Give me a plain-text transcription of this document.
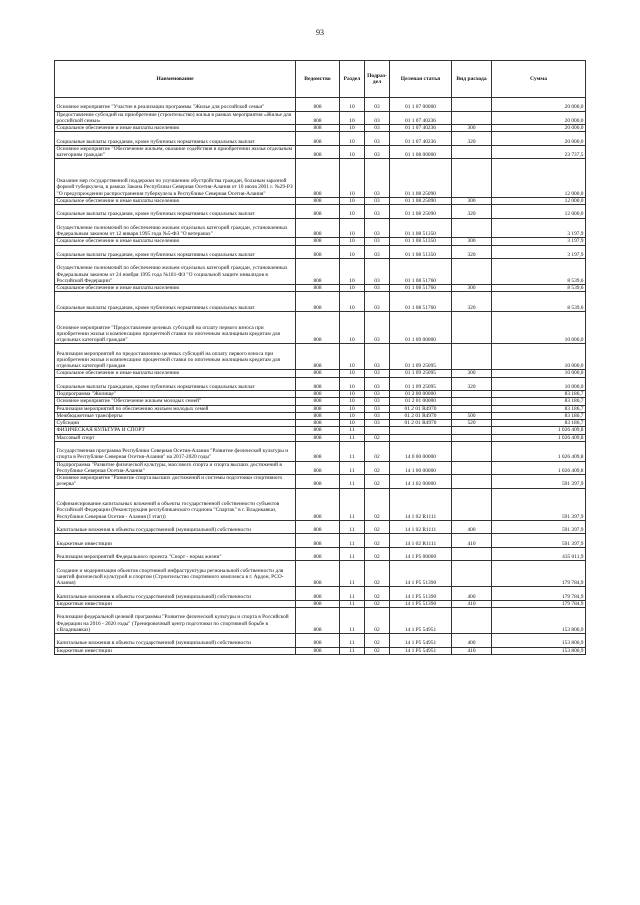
93
Наименование	Ведомство	Раздел	Подраз-дел	Целевая статья	Вид расхода	Сумма
Основное мероприятие "Участие в реализации программы "Жилье для российской семьи"	808	10	03	01 1 07 00000		20 000,0
Предоставление субсидий на приобретение (строительство) жилья в рамках мероприятия «Жилье для российской семьи»	808	10	03	01 1 07 40236		20 000,0
Социальное обеспечение и иные выплаты населению	808	10	03	01 1 07 40236	300	20 000,0
Социальные выплаты гражданам, кроме публичных нормативных социальных выплат	808	10	03	01 1 07 40236	320	20 000,0
Основное мероприятие "Обеспечение жильем, оказание содействия в приобретении жилья отдельным категориям граждан"	808	10	03	01 1 08 00000		23 737,5
Оказание мер государственной поддержки по улучшению обустройства граждан, больным заразной формой туберкулеза, в рамках Закона Республики Северная Осетия-Алания от 10 июля 2001 г. №29-РЗ "О предупреждении распространения туберкулеза в Республике Северная Осетия-Алания"	808	10	03	01 1 08 25090		12 000,0
Социальное обеспечение и иные выплаты населению	808	10	03	01 1 08 25090	300	12 000,0
Социальные выплаты гражданам, кроме публичных нормативных социальных выплат	808	10	03	01 1 08 25090	320	12 000,0
Осуществление полномочий по обеспечению жильем отдельных категорий граждан, установленных Федеральным законом от 12 января 1995 года №5-ФЗ "О ветеранах"	808	10	03	01 1 08 51350		3 197,9
Социальное обеспечение и иные выплаты населению	808	10	03	01 1 08 51350	300	3 197,9
Социальные выплаты гражданам, кроме публичных нормативных социальных выплат	808	10	03	01 1 08 51350	320	3 197,9
Осуществление полномочий по обеспечению жильем отдельных категорий граждан, установленных Федеральным законом от 24 ноября 1995 года №181-ФЗ "О социальной защите инвалидов в Российской Федерации"	808	10	03	01 1 08 51760		8 539,6
Социальное обеспечение и иные выплаты населению	808	10	03	01 1 08 51760	300	8 539,6
Социальные выплаты гражданам, кроме публичных нормативных социальных выплат	808	10	03	01 1 08 51760	320	8 539,6
Основное мероприятие "Предоставление целевых субсидий на оплату первого взноса при приобретении жилья и компенсацию процентной ставки по ипотечным жилищным кредитам для отдельных категорий граждан"	808	10	03	01 1 09 00000		10 000,0
Реализация мероприятий по предоставлению целевых субсидий на оплату первого взноса при приобретении жилья и компенсацию процентной ставки по ипотечным жилищным кредитам для отдельных категорий граждан	808	10	03	01 1 09 25095		10 000,0
Социальное обеспечение и иные выплаты населению	808	10	03	01 1 09 25095	300	10 000,0
Социальные выплаты гражданам, кроме публичных нормативных социальных выплат	808	10	03	01 1 09 25095	320	10 000,0
Подпрограмма "Жилище"	808	10	03	01 2 00 00000		83 186,7
Основное мероприятие "Обеспечение жильем молодых семей"	808	10	03	01 2 01 00000		83 186,7
Реализация мероприятий по обеспечению жильем молодых семей	808	10	03	01 2 01 R4970		83 186,7
Межбюджетные трансферты	808	10	03	01 2 01 R4970	500	83 186,7
Субсидии	808	10	03	01 2 01 R4970	520	83 186,7
ФИЗИЧЕСКАЯ КУЛЬТУРА И СПОРТ	808	11				1 026 409,8
Массовый спорт	808	11	02			1 026 409,8
Государственная программа Республики Северная Осетия-Алания "Развитие физической культуры и спорта в Республике Северная Осетия-Алания" на 2017-2020 годы"	808	11	02	14 0 00 00000		1 026 409,8
Подпрограмма "Развитие физической культуры, массового спорта и спорта высших достижений в Республике Северная Осетия-Алания"	808	11	02	14 1 00 00000		1 026 409,8
Основное мероприятие "Развитие спорта высших достижений и системы подготовки спортивного резерва"	808	11	02	14 1 02 00000		591 397,9
Софинансирование капитальных вложений в объекты государственной собственности субъектов Российской Федерации (Реконструкция республиканского стадиона "Спартак" в г. Владикавказ, Республики Северная Осетия - Алания (I этап))	808	11	02	14 1 02 R1111		591 397,9
Капитальные вложения в объекты государственной (муниципальной) собственности	808	11	02	14 1 02 R1111	400	591 397,9
Бюджетные инвестиции	808	11	02	14 1 02 R1111	410	591 397,9
Реализация мероприятий Федерального проекта "Спорт - норма жизни"	808	11	02	14 1 P5 00000		435 011,9
Создание и модернизация объектов спортивной инфраструктуры региональной собственности для занятий физической культурой и спортом (Строительство спортивного комплекса в г. Ардон, РСО-Алания)	808	11	02	14 1 P5 51390		179 784,9
Капитальные вложения в объекты государственной (муниципальной) собственности	808	11	02	14 1 P5 51390	400	179 784,9
Бюджетные инвестиции	808	11	02	14 1 P5 51390	410	179 784,9
Реализация федеральной целевой программы "Развитие физической культуры и спорта в Российской Федерации на 2016 - 2020 годы" (Тренировочный центр подготовки по спортивной борьбе в г.Владикавказ)	808	11	02	14 1 P5 54951		153 806,9
Капитальные вложения в объекты государственной (муниципальной) собственности	808	11	02	14 1 P5 54951	400	153 806,9
Бюджетные инвестиции	808	11	02	14 1 P5 54951	410	153 806,9
